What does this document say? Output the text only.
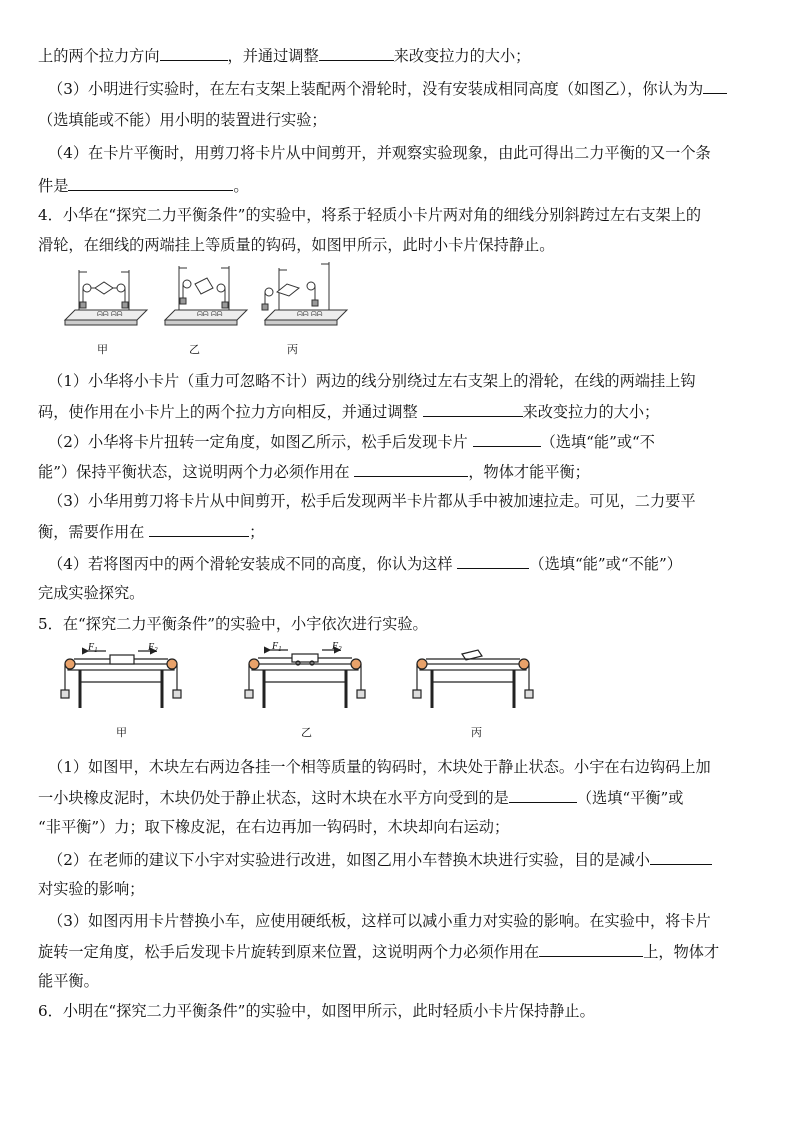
上的两个拉力方向	，并通过调整	来改变拉力的大小；
（3）小明进行实验时，在左右支架上装配两个滑轮时，没有安装成相同高度（如图乙），你认为为
（选填能或不能）用小明的装置进行实验；
（4）在卡片平衡时，用剪刀将卡片从中间剪开，并观察实验现象，由此可得出二力平衡的又一个条
件是	。
4．小华在“探究二力平衡条件”的实验中，将系于轻质小卡片两对角的细线分别斜跨过左右支架上的
滑轮，在细线的两端挂上等质量的钩码，如图甲所示，此时小卡片保持静止。
ᗣᗣ ᗣᗣ	ᗣᗣ ᗣᗣ	ᗣᗣ ᗣᗣ
甲	乙	丙
（1）小华将小卡片（重力可忽略不计）两边的线分别绕过左右支架上的滑轮，在线的两端挂上钩
码，使作用在小卡片上的两个拉力方向相反，并通过调整	来改变拉力的大小；
（2）小华将卡片扭转一定角度，如图乙所示，松手后发现卡片	（选填“能”或“不
能”）保持平衡状态，这说明两个力必须作用在	，物体才能平衡；
（3）小华用剪刀将卡片从中间剪开，松手后发现两半卡片都从手中被加速拉走。可见，二力要平
衡，需要作用在	；
（4）若将图丙中的两个滑轮安装成不同的高度，你认为这样	（选填“能”或“不能”）
完成实验探究。
5．在“探究二力平衡条件”的实验中，小宇依次进行实验。
$F_1$	$F_2$	$F_1$	$F_2$
甲	乙	丙
（1）如图甲，木块左右两边各挂一个相等质量的钩码时，木块处于静止状态。小宇在右边钩码上加
一小块橡皮泥时，木块仍处于静止状态，这时木块在水平方向受到的是	（选填“平衡”或
“非平衡”）力；取下橡皮泥，在右边再加一钩码时，木块却向右运动；
（2）在老师的建议下小宇对实验进行改进，如图乙用小车替换木块进行实验，目的是减小
对实验的影响；
（3）如图丙用卡片替换小车，应使用硬纸板，这样可以减小重力对实验的影响。在实验中，将卡片
旋转一定角度，松手后发现卡片旋转到原来位置，这说明两个力必须作用在	上，物体才
能平衡。
6．小明在“探究二力平衡条件”的实验中，如图甲所示，此时轻质小卡片保持静止。
